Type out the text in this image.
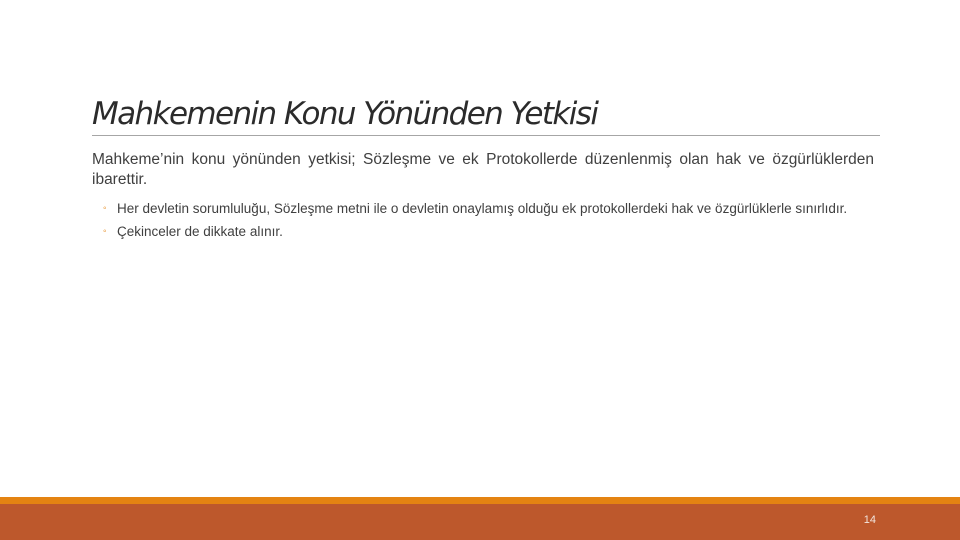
Mahkemenin Konu Yönünden Yetkisi

Mahkeme’nin konu yönünden yetkisi; Sözleşme ve ek Protokollerde düzenlenmiş olan hak ve özgürlüklerden ibarettir.

◦ Her devletin sorumluluğu, Sözleşme metni ile o devletin onaylamış olduğu ek protokollerdeki hak ve özgürlüklerle sınırlıdır.
◦ Çekinceler de dikkate alınır.
14
